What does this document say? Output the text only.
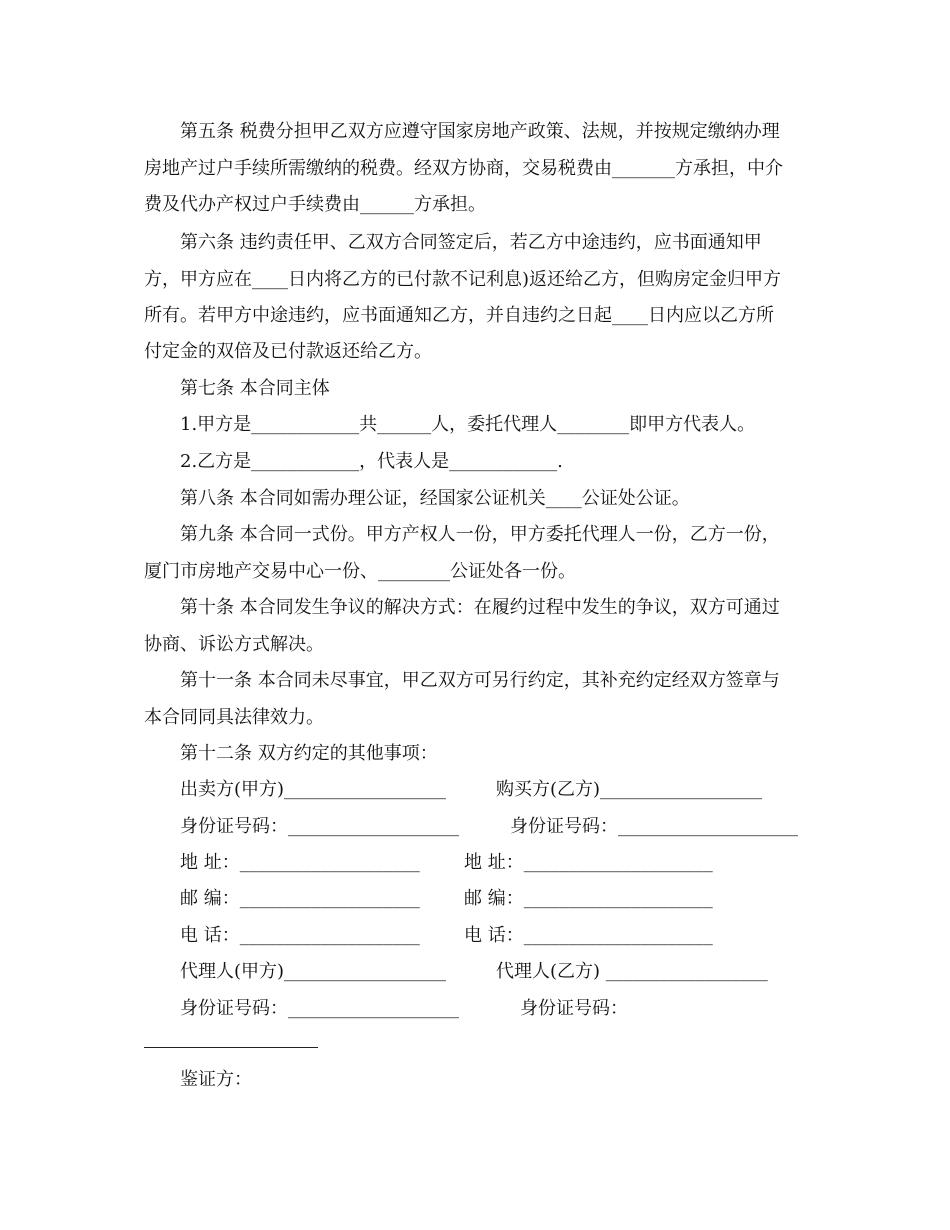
第五条 税费分担甲乙双方应遵守国家房地产政策、法规，并按规定缴纳办理
房地产过户手续所需缴纳的税费。经双方协商，交易税费由_______方承担，中介
费及代办产权过户手续费由______方承担。
第六条 违约责任甲、乙双方合同签定后，若乙方中途违约，应书面通知甲
方，甲方应在____日内将乙方的已付款不记利息)返还给乙方，但购房定金归甲方
所有。若甲方中途违约，应书面通知乙方，并自违约之日起____日内应以乙方所
付定金的双倍及已付款返还给乙方。
第七条 本合同主体
1.甲方是____________共______人，委托代理人________即甲方代表人。
2.乙方是____________，代表人是____________.
第八条 本合同如需办理公证，经国家公证机关____公证处公证。
第九条 本合同一式份。甲方产权人一份，甲方委托代理人一份，乙方一份，
厦门市房地产交易中心一份、________公证处各一份。
第十条 本合同发生争议的解决方式：在履约过程中发生的争议，双方可通过
协商、诉讼方式解决。
第十一条 本合同未尽事宜，甲乙双方可另行约定，其补充约定经双方签章与
本合同同具法律效力。
第十二条 双方约定的其他事项：
出卖方(甲方)__________________	购买方(乙方)__________________
身份证号码：___________________	身份证号码：____________________
地 址：____________________ 地 址：_____________________
邮 编：____________________ 邮 编：_____________________
电 话：____________________ 电 话：_____________________
代理人(甲方)__________________	代理人(乙方) __________________
身份证号码：___________________	身份证号码：
鉴证方：
